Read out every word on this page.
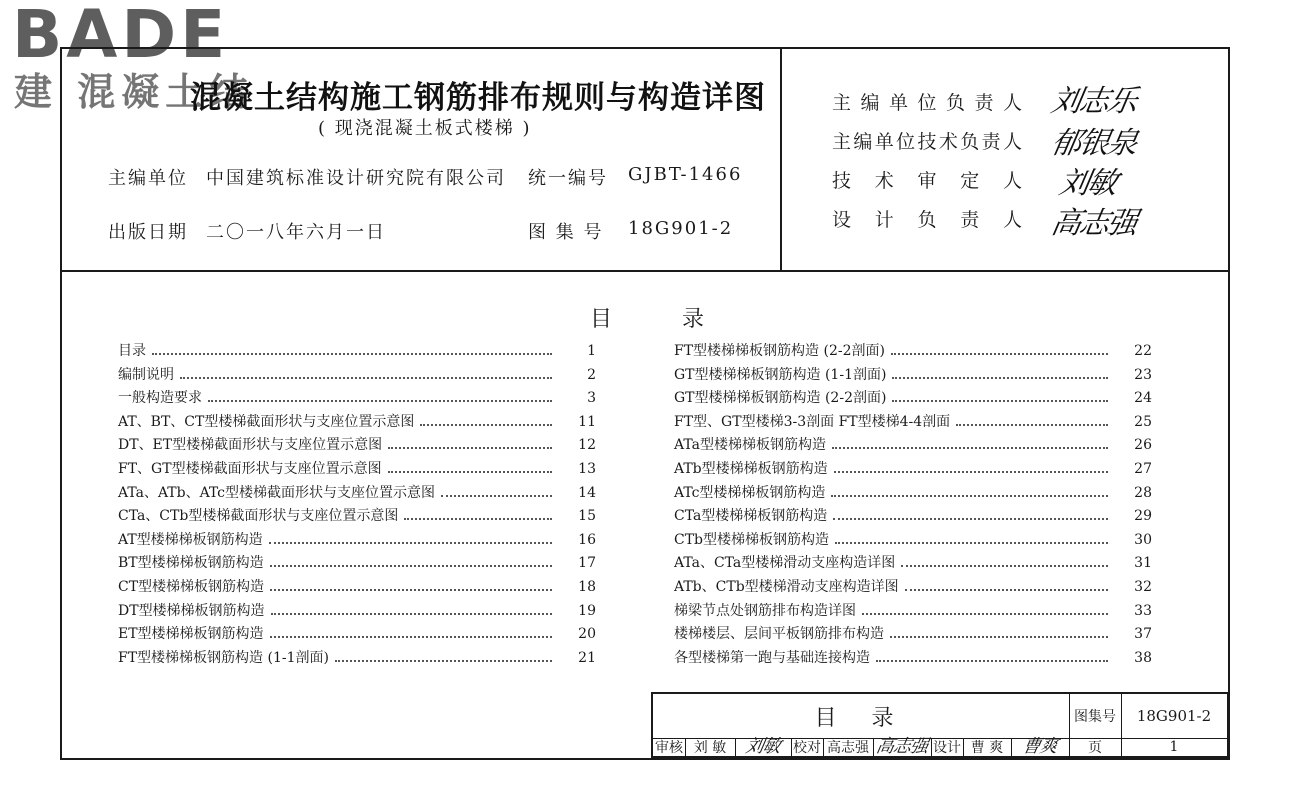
BADE
建 混凝土结
混凝土结构施工钢筋排布规则与构造详图
( 现浇混凝土板式楼梯 )
主编单位 中国建筑标准设计研究院有限公司 统一编号 GJBT-1466
出版日期 二〇一八年六月一日	图 集 号 18G901-2
主编单位负责人 刘志乐
主编单位技术负责人 郁银泉
技术审定人 刘敏
设计负责人 高志强
目	录
目录	1
编制说明	2
一般构造要求	3
AT、BT、CT型楼梯截面形状与支座位置示意图	11
DT、ET型楼梯截面形状与支座位置示意图	12
FT、GT型楼梯截面形状与支座位置示意图	13
ATa、ATb、ATc型楼梯截面形状与支座位置示意图	14
CTa、CTb型楼梯截面形状与支座位置示意图	15
AT型楼梯梯板钢筋构造	16
BT型楼梯梯板钢筋构造	17
CT型楼梯梯板钢筋构造	18
DT型楼梯梯板钢筋构造	19
ET型楼梯梯板钢筋构造	20
FT型楼梯梯板钢筋构造 (1-1剖面)	21
FT型楼梯梯板钢筋构造 (2-2剖面)	22
GT型楼梯梯板钢筋构造 (1-1剖面)	23
GT型楼梯梯板钢筋构造 (2-2剖面)	24
FT型、GT型楼梯3-3剖面 FT型楼梯4-4剖面	25
ATa型楼梯梯板钢筋构造	26
ATb型楼梯梯板钢筋构造	27
ATc型楼梯梯板钢筋构造	28
CTa型楼梯梯板钢筋构造	29
CTb型楼梯梯板钢筋构造	30
ATa、CTa型楼梯滑动支座构造详图	31
ATb、CTb型楼梯滑动支座构造详图	32
梯梁节点处钢筋排布构造详图	33
楼梯楼层、层间平板钢筋排布构造	37
各型楼梯第一跑与基础连接构造	38
目 录	图集号	18G901-2
审核 刘 敏 刘敏 校对 高志强 高志强 设计 曹 爽 曹爽	页	1
